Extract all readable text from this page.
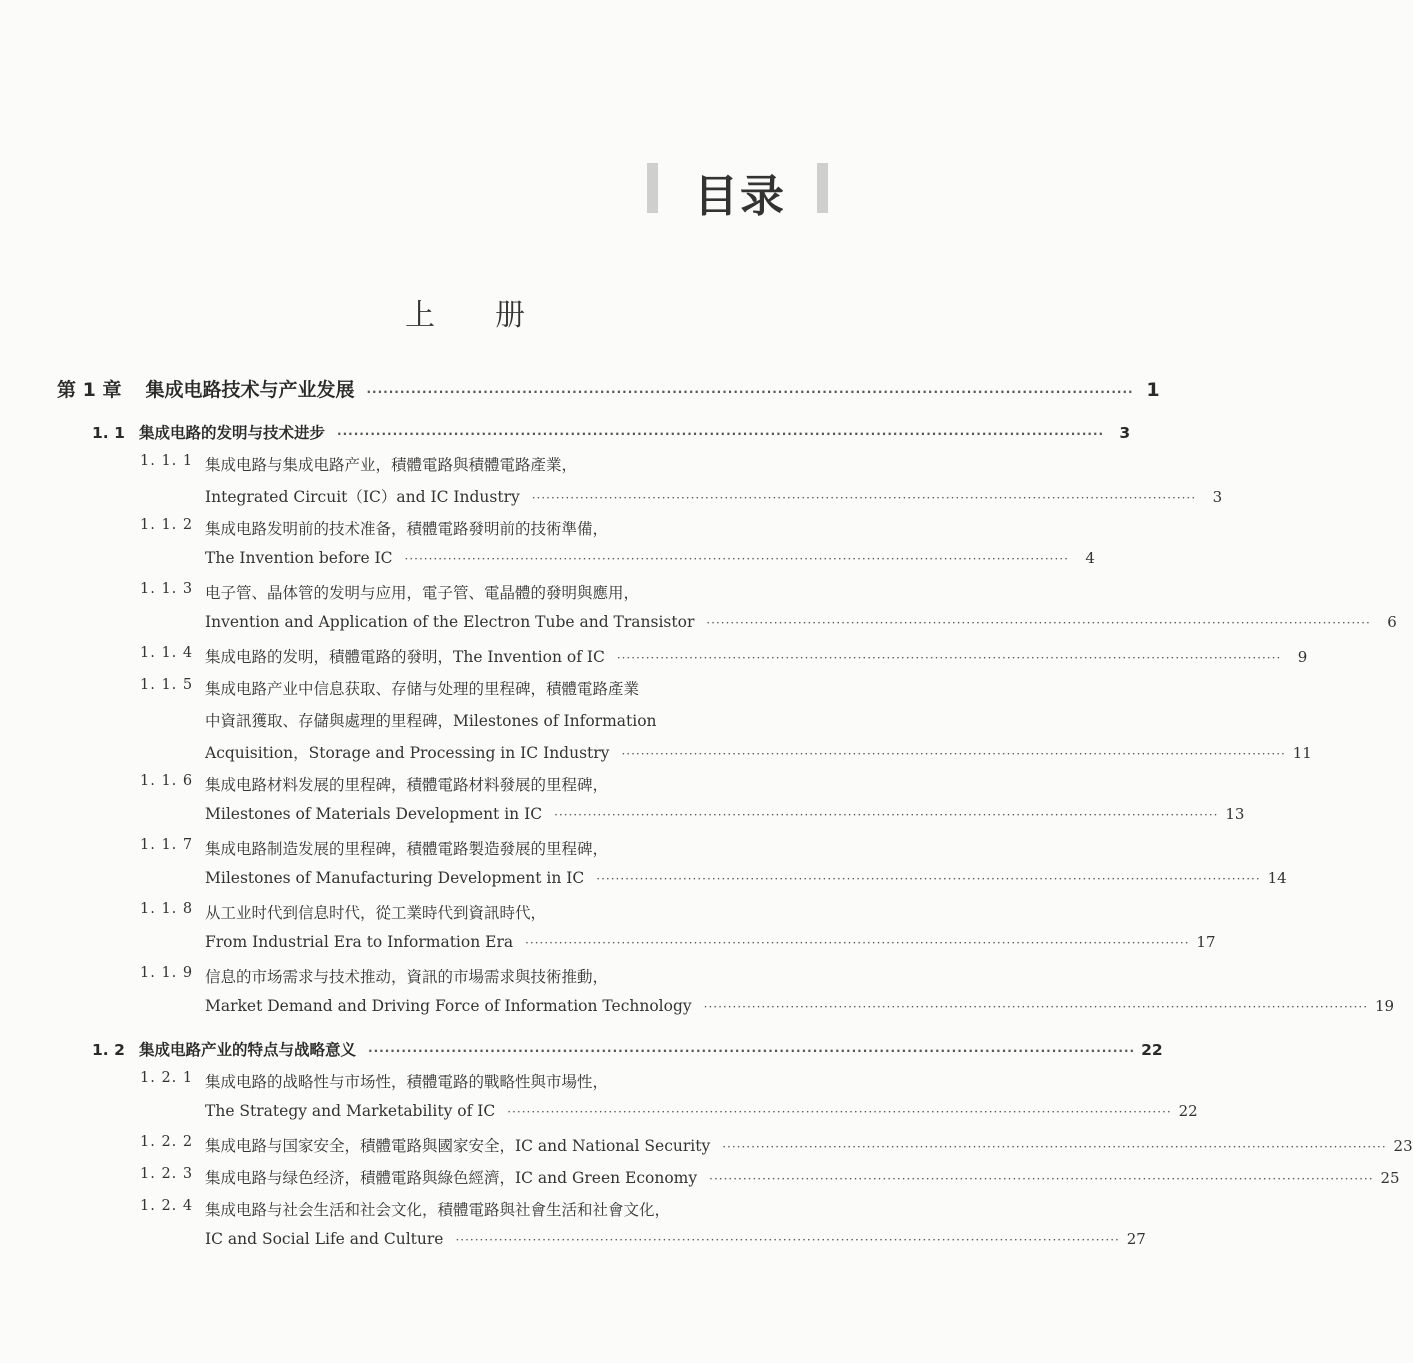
目录
上册
第 1 章 集成电路技术与产业发展 ·········································································································································· 1
1. 1 集成电路的发明与技术进步 ·········································································································································· 3
1. 1. 1 集成电路与集成电路产业，積體電路與積體電路產業，
Integrated Circuit（IC）and IC Industry ··········································································································································	3
1. 1. 2 集成电路发明前的技术准备，積體電路發明前的技術準備，
The Invention before IC ··········································································································································	4
1. 1. 3 电子管、晶体管的发明与应用，電子管、電晶體的發明與應用，
Invention and Application of the Electron Tube and Transistor ··········································································································································	6
1. 1. 4 集成电路的发明，積體電路的發明，The Invention of IC ··········································································································································	9
1. 1. 5 集成电路产业中信息获取、存储与处理的里程碑，積體電路產業
中資訊獲取、存儲與處理的里程碑，Milestones of Information
Acquisition，Storage and Processing in IC Industry ·········································································································································· 11
1. 1. 6 集成电路材料发展的里程碑，積體電路材料發展的里程碑，
Milestones of Materials Development in IC ·········································································································································· 13
1. 1. 7 集成电路制造发展的里程碑，積體電路製造發展的里程碑，
Milestones of Manufacturing Development in IC ·········································································································································· 14
1. 1. 8 从工业时代到信息时代，從工業時代到資訊時代，
From Industrial Era to Information Era ·········································································································································· 17
1. 1. 9 信息的市场需求与技术推动，資訊的市場需求與技術推動，
Market Demand and Driving Force of Information Technology ·········································································································································· 19
1. 2 集成电路产业的特点与战略意义 ·········································································································································· 22
1. 2. 1 集成电路的战略性与市场性，積體電路的戰略性與市場性，
The Strategy and Marketability of IC ·········································································································································· 22
1. 2. 2 集成电路与国家安全，積體電路與國家安全，IC and National Security ·········································································································································· 23
1. 2. 3 集成电路与绿色经济，積體電路與綠色經濟，IC and Green Economy ·········································································································································· 25
1. 2. 4 集成电路与社会生活和社会文化，積體電路與社會生活和社會文化，
IC and Social Life and Culture ·········································································································································· 27
